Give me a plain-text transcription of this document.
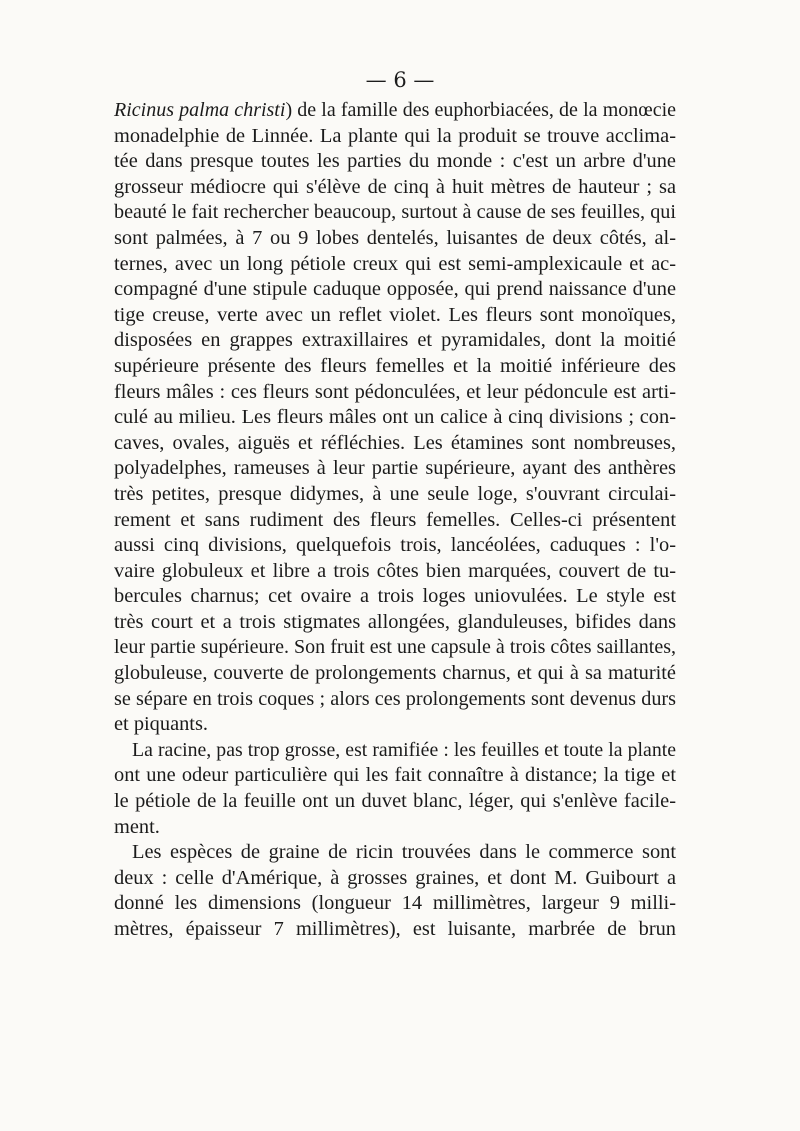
— 6 —

Ricinus palma christi) de la famille des euphorbiacées, de la monœcie
monadelphie de Linnée. La plante qui la produit se trouve acclima-
tée dans presque toutes les parties du monde : c'est un arbre d'une
grosseur médiocre qui s'élève de cinq à huit mètres de hauteur ; sa
beauté le fait rechercher beaucoup, surtout à cause de ses feuilles, qui
sont palmées, à 7 ou 9 lobes dentelés, luisantes de deux côtés, al-
ternes, avec un long pétiole creux qui est semi-amplexicaule et ac-
compagné d'une stipule caduque opposée, qui prend naissance d'une
tige creuse, verte avec un reflet violet. Les fleurs sont monoïques,
disposées en grappes extraxillaires et pyramidales, dont la moitié
supérieure présente des fleurs femelles et la moitié inférieure des
fleurs mâles : ces fleurs sont pédonculées, et leur pédoncule est arti-
culé au milieu. Les fleurs mâles ont un calice à cinq divisions ; con-
caves, ovales, aiguës et réfléchies. Les étamines sont nombreuses,
polyadelphes, rameuses à leur partie supérieure, ayant des anthères
très petites, presque didymes, à une seule loge, s'ouvrant circulai-
rement et sans rudiment des fleurs femelles. Celles-ci présentent
aussi cinq divisions, quelquefois trois, lancéolées, caduques : l'o-
vaire globuleux et libre a trois côtes bien marquées, couvert de tu-
bercules charnus; cet ovaire a trois loges uniovulées. Le style est
très court et a trois stigmates allongées, glanduleuses, bifides dans
leur partie supérieure. Son fruit est une capsule à trois côtes saillantes,
globuleuse, couverte de prolongements charnus, et qui à sa maturité
se sépare en trois coques ; alors ces prolongements sont devenus durs
et piquants.

La racine, pas trop grosse, est ramifiée : les feuilles et toute la plante
ont une odeur particulière qui les fait connaître à distance; la tige et
le pétiole de la feuille ont un duvet blanc, léger, qui s'enlève facile-
ment.

Les espèces de graine de ricin trouvées dans le commerce sont
deux : celle d'Amérique, à grosses graines, et dont M. Guibourt a
donné les dimensions (longueur 14 millimètres, largeur 9 milli-
mètres, épaisseur 7 millimètres), est luisante, marbrée de brun
